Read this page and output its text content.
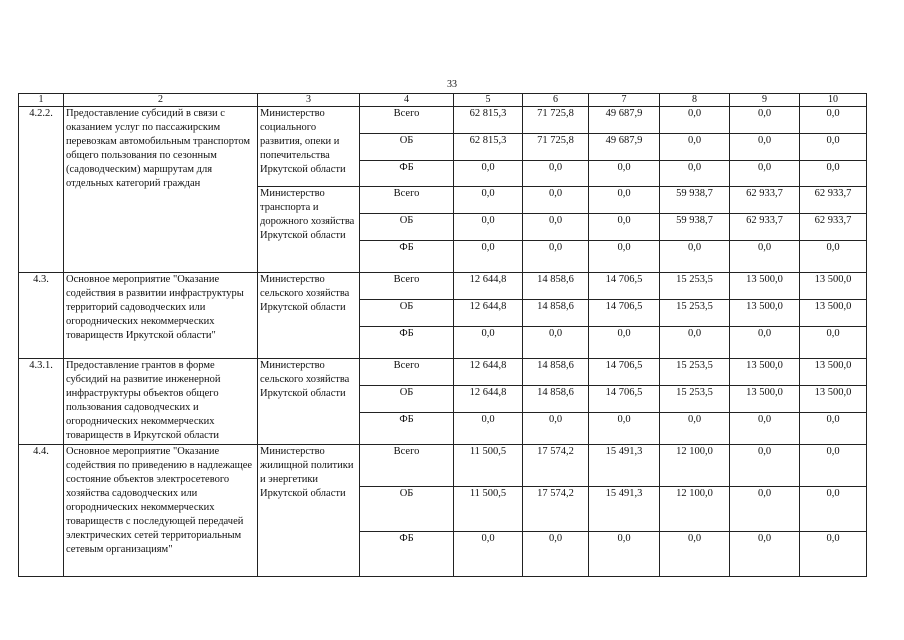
33
1	2	3	4	5	6	7	8	9	10
4.2.2.	Предоставление субсидий в связи с оказанием услуг по пассажирским перевозкам автомобильным транспортом общего пользования по сезонным (садоводческим) маршрутам для отдельных категорий граждан	Министерство социального развития, опеки и попечительства Иркутской области	Всего	62 815,3	71 725,8	49 687,9	0,0	0,0	0,0
			ОБ	62 815,3	71 725,8	49 687,9	0,0	0,0	0,0
			ФБ	0,0	0,0	0,0	0,0	0,0	0,0
		Министерство транспорта и дорожного хозяйства Иркутской области	Всего	0,0	0,0	0,0	59 938,7	62 933,7	62 933,7
			ОБ	0,0	0,0	0,0	59 938,7	62 933,7	62 933,7
			ФБ	0,0	0,0	0,0	0,0	0,0	0,0
4.3.	Основное мероприятие "Оказание содействия в развитии инфраструктуры территорий садоводческих или огороднических некоммерческих товариществ Иркутской области"	Министерство сельского хозяйства Иркутской области	Всего	12 644,8	14 858,6	14 706,5	15 253,5	13 500,0	13 500,0
			ОБ	12 644,8	14 858,6	14 706,5	15 253,5	13 500,0	13 500,0
			ФБ	0,0	0,0	0,0	0,0	0,0	0,0
4.3.1.	Предоставление грантов в форме субсидий на развитие инженерной инфраструктуры объектов общего пользования садоводческих и огороднических некоммерческих товариществ в Иркутской области	Министерство сельского хозяйства Иркутской области	Всего	12 644,8	14 858,6	14 706,5	15 253,5	13 500,0	13 500,0
			ОБ	12 644,8	14 858,6	14 706,5	15 253,5	13 500,0	13 500,0
			ФБ	0,0	0,0	0,0	0,0	0,0	0,0
4.4.	Основное мероприятие "Оказание содействия по приведению в надлежащее состояние объектов электросетевого хозяйства садоводческих или огороднических некоммерческих товариществ с последующей передачей электрических сетей территориальным сетевым организациям"	Министерство жилищной политики и энергетики Иркутской области	Всего	11 500,5	17 574,2	15 491,3	12 100,0	0,0	0,0
			ОБ	11 500,5	17 574,2	15 491,3	12 100,0	0,0	0,0
			ФБ	0,0	0,0	0,0	0,0	0,0	0,0
